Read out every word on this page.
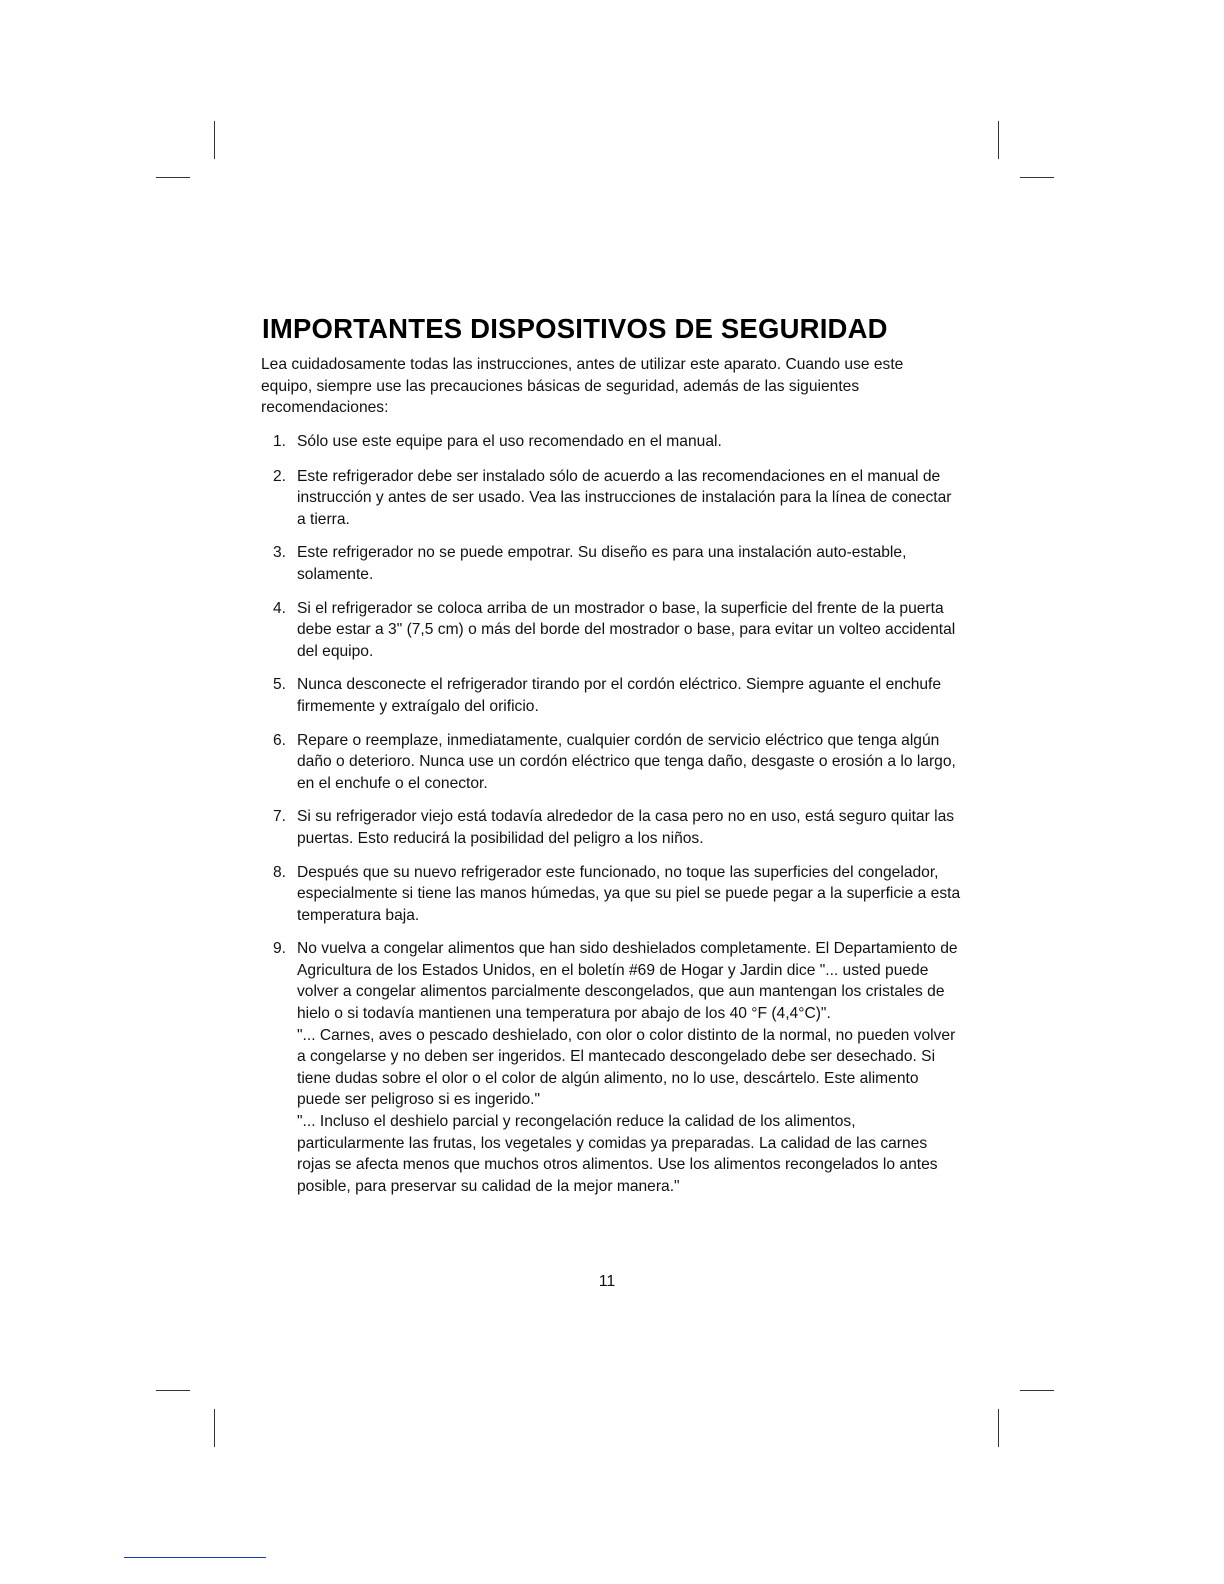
IMPORTANTES DISPOSITIVOS DE SEGURIDAD

Lea cuidadosamente todas las instrucciones, antes de utilizar este aparato. Cuando use este equipo, siempre use las precauciones básicas de seguridad, además de las siguientes recomendaciones:

1. Sólo use este equipe para el uso recomendado en el manual.
2. Este refrigerador debe ser instalado sólo de acuerdo a las recomendaciones en el manual de instrucción y antes de ser usado. Vea las instrucciones de instalación para la línea de conectar a tierra.
3. Este refrigerador no se puede empotrar. Su diseño es para una instalación auto-estable, solamente.
4. Si el refrigerador se coloca arriba de un mostrador o base, la superficie del frente de la puerta debe estar a 3" (7,5 cm) o más del borde del mostrador o base, para evitar un volteo accidental del equipo.
5. Nunca desconecte el refrigerador tirando por el cordón eléctrico. Siempre aguante el enchufe firmemente y extraígalo del orificio.
6. Repare o reemplaze, inmediatamente, cualquier cordón de servicio eléctrico que tenga algún daño o deterioro. Nunca use un cordón eléctrico que tenga daño, desgaste o erosión a lo largo, en el enchufe o el conector.
7. Si su refrigerador viejo está todavía alrededor de la casa pero no en uso, está seguro quitar las puertas. Esto reducirá la posibilidad del peligro a los niños.
8. Después que su nuevo refrigerador este funcionado, no toque las superficies del congelador, especialmente si tiene las manos húmedas, ya que su piel se puede pegar a la superficie a esta temperatura baja.
9. No vuelva a congelar alimentos que han sido deshielados completamente. El Departamiento de Agricultura de los Estados Unidos, en el boletín #69 de Hogar y Jardin dice "... usted puede volver a congelar alimentos parcialmente descongelados, que aun mantengan los cristales de hielo o si todavía mantienen una temperatura por abajo de los 40 °F (4,4°C)".
"... Carnes, aves o pescado deshielado, con olor o color distinto de la normal, no pueden volver a congelarse y no deben ser ingeridos. El mantecado descongelado debe ser desechado. Si tiene dudas sobre el olor o el color de algún alimento, no lo use, descártelo. Este alimento puede ser peligroso si es ingerido."
"... Incluso el deshielo parcial y recongelación reduce la calidad de los alimentos, particularmente las frutas, los vegetales y comidas ya preparadas. La calidad de las carnes rojas se afecta menos que muchos otros alimentos. Use los alimentos recongelados lo antes posible, para preservar su calidad de la mejor manera."
11
